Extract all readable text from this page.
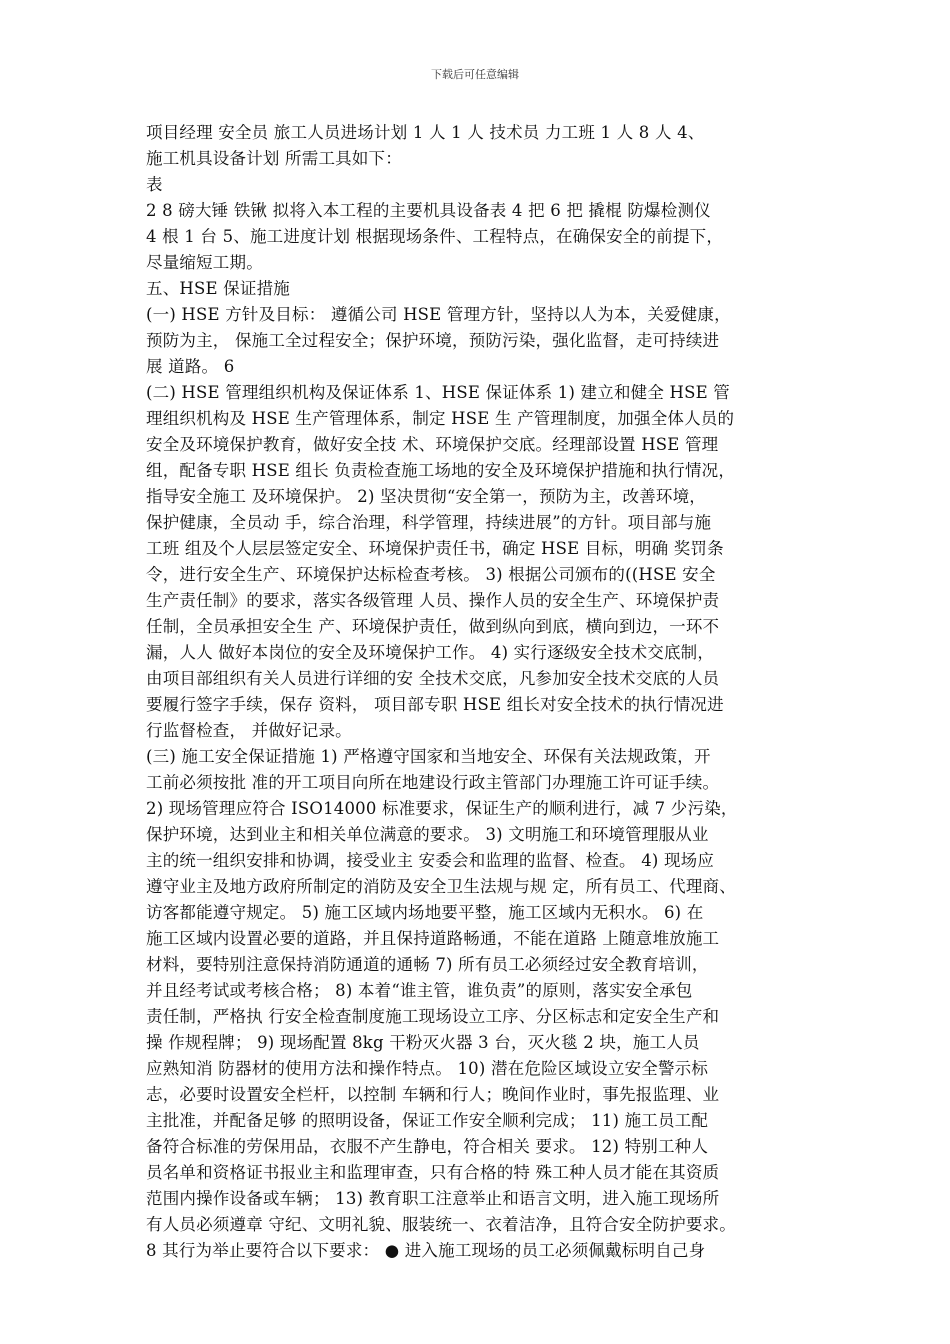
下载后可任意编辑
项目经理 安全员 旅工人员进场计划 1 人 1 人 技术员 力工班 1 人 8 人 4、
施工机具设备计划 所需工具如下：
表
2 8 磅大锤 铁锹 拟将入本工程的主要机具设备表 4 把 6 把 撬棍 防爆检测仪
4 根 1 台 5、施工进度计划 根据现场条件、工程特点，在确保安全的前提下，
尽量缩短工期。
五、HSE 保证措施
(一) HSE 方针及目标： 遵循公司 HSE 管理方针，坚持以人为本，关爱健康，
预防为主， 保施工全过程安全；保护环境，预防污染，强化监督，走可持续进
展 道路。 6
(二) HSE 管理组织机构及保证体系 1、HSE 保证体系 1) 建立和健全 HSE 管
理组织机构及 HSE 生产管理体系，制定 HSE 生 产管理制度，加强全体人员的
安全及环境保护教育，做好安全技 术、环境保护交底。经理部设置 HSE 管理
组，配备专职 HSE 组长 负责检查施工场地的安全及环境保护措施和执行情况，
指导安全施工 及环境保护。 2) 坚决贯彻“安全第一，预防为主，改善环境，
保护健康，全员动 手，综合治理，科学管理，持续进展”的方针。项目部与施
工班 组及个人层层签定安全、环境保护责任书，确定 HSE 目标，明确 奖罚条
令，进行安全生产、环境保护达标检查考核。 3) 根据公司颁布的((HSE 安全
生产责任制》的要求，落实各级管理 人员、操作人员的安全生产、环境保护责
任制，全员承担安全生 产、环境保护责任，做到纵向到底，横向到边，一环不
漏，人人 做好本岗位的安全及环境保护工作。 4) 实行逐级安全技术交底制，
由项目部组织有关人员进行详细的安 全技术交底，凡参加安全技术交底的人员
要履行签字手续，保存 资料， 项目部专职 HSE 组长对安全技术的执行情况进
行监督检查， 并做好记录。
(三) 施工安全保证措施 1) 严格遵守国家和当地安全、环保有关法规政策，开
工前必须按批 准的开工项目向所在地建设行政主管部门办理施工许可证手续。
2) 现场管理应符合 ISO14000 标准要求，保证生产的顺利进行，减 7 少污染，
保护环境，达到业主和相关单位满意的要求。 3) 文明施工和环境管理服从业
主的统一组织安排和协调，接受业主 安委会和监理的监督、检查。 4) 现场应
遵守业主及地方政府所制定的消防及安全卫生法规与规 定，所有员工、代理商、
访客都能遵守规定。 5) 施工区域内场地要平整，施工区域内无积水。 6) 在
施工区域内设置必要的道路，并且保持道路畅通，不能在道路 上随意堆放施工
材料，要特别注意保持消防通道的通畅 7) 所有员工必须经过安全教育培训，
并且经考试或考核合格； 8) 本着“谁主管，谁负责”的原则，落实安全承包
责任制，严格执 行安全检查制度施工现场设立工序、分区标志和定安全生产和
操 作规程牌； 9) 现场配置 8kg 干粉灭火器 3 台，灭火毯 2 块，施工人员
应熟知消 防器材的使用方法和操作特点。 10) 潜在危险区域设立安全警示标
志，必要时设置安全栏杆，以控制 车辆和行人；晚间作业时，事先报监理、业
主批准，并配备足够 的照明设备，保证工作安全顺利完成； 11) 施工员工配
备符合标准的劳保用品，衣服不产生静电，符合相关 要求。 12) 特别工种人
员名单和资格证书报业主和监理审查，只有合格的特 殊工种人员才能在其资质
范围内操作设备或车辆； 13) 教育职工注意举止和语言文明，进入施工现场所
有人员必须遵章 守纪、文明礼貌、服装统一、衣着洁净，且符合安全防护要求。
8 其行为举止要符合以下要求： ● 进入施工现场的员工必须佩戴标明自己身
